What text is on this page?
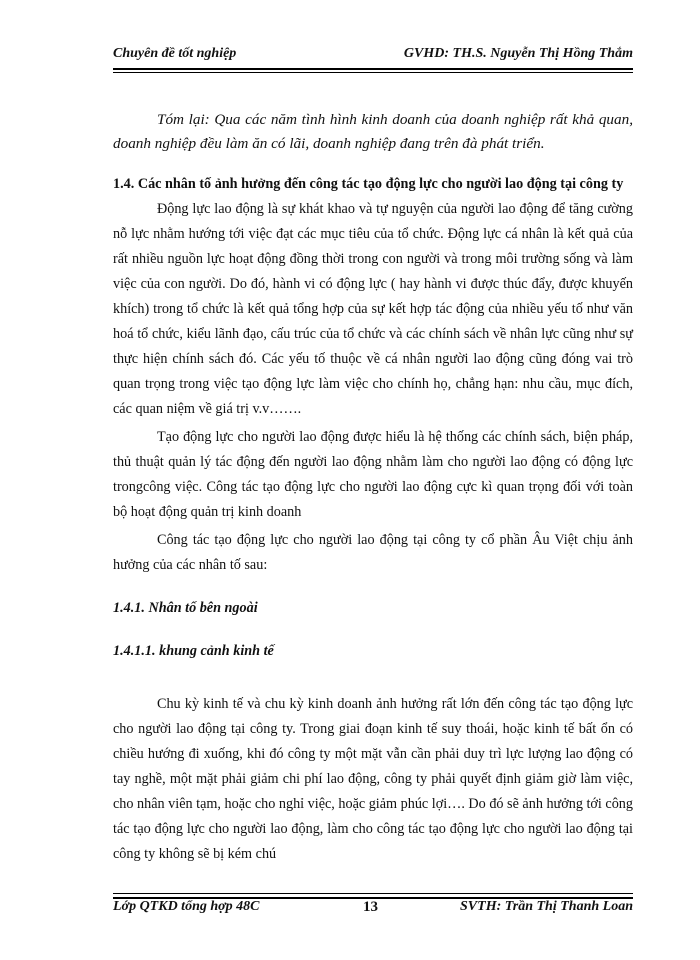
Chuyên đề tốt nghiệp	GVHD: TH.S. Nguyễn Thị Hồng Thắm

Tóm lại: Qua các năm tình hình kinh doanh của doanh nghiệp rất khả quan, doanh nghiệp đều làm ăn có lãi, doanh nghiệp đang trên đà phát triển.

1.4. Các nhân tố ảnh hưởng đến công tác tạo động lực cho người lao động tại công ty

Động lực lao động là sự khát khao và tự nguyện của người lao động để tăng cường nỗ lực nhằm hướng tới việc đạt các mục tiêu của tổ chức. Động lực cá nhân là kết quả của rất nhiều nguồn lực hoạt động đồng thời trong con người và trong môi trường sống và làm việc của con người. Do đó, hành vi có động lực ( hay hành vi được thúc đẩy, được khuyến khích) trong tổ chức là kết quả tổng hợp của sự kết hợp tác động của nhiều yếu tố như văn hoá tổ chức, kiểu lãnh đạo, cấu trúc của tổ chức và các chính sách về nhân lực cũng như sự thực hiện chính sách đó. Các yếu tố thuộc về cá nhân người lao động cũng đóng vai trò quan trọng trong việc tạo động lực làm việc cho chính họ, chẳng hạn: nhu cầu, mục đích, các quan niệm về giá trị v.v…….

Tạo động lực cho người lao động được hiểu là hệ thống các chính sách, biện pháp, thủ thuật quản lý tác động đến người lao động nhằm làm cho người lao động có động lực trongcông việc. Công tác tạo động lực cho người lao động cực kì quan trọng đối với toàn bộ hoạt động quản trị kinh doanh

Công tác tạo động lực cho người lao động tại công ty cổ phần Âu Việt chịu ảnh hưởng của các nhân tố sau:

1.4.1. Nhân tố bên ngoài

1.4.1.1. khung cảnh kinh tế

Chu kỳ kinh tế và chu kỳ kinh doanh ảnh hưởng rất lớn đến công tác tạo động lực cho người lao động tại công ty. Trong giai đoạn kinh tế suy thoái, hoặc kinh tế bất ổn có chiều hướng đi xuống, khi đó công ty một mặt vẫn cần phải duy trì lực lượng lao động có tay nghề, một mặt phải giảm chi phí lao động, công ty phải quyết định giảm giờ làm việc, cho nhân viên tạm, hoặc cho nghỉ việc, hoặc giảm phúc lợi…. Do đó sẽ ảnh hưởng tới công tác tạo động lực cho người lao động, làm cho công tác tạo động lực cho người lao động tại công ty không sẽ bị kém chú

Lớp QTKD tổng hợp 48C	13	SVTH: Trần Thị Thanh Loan
